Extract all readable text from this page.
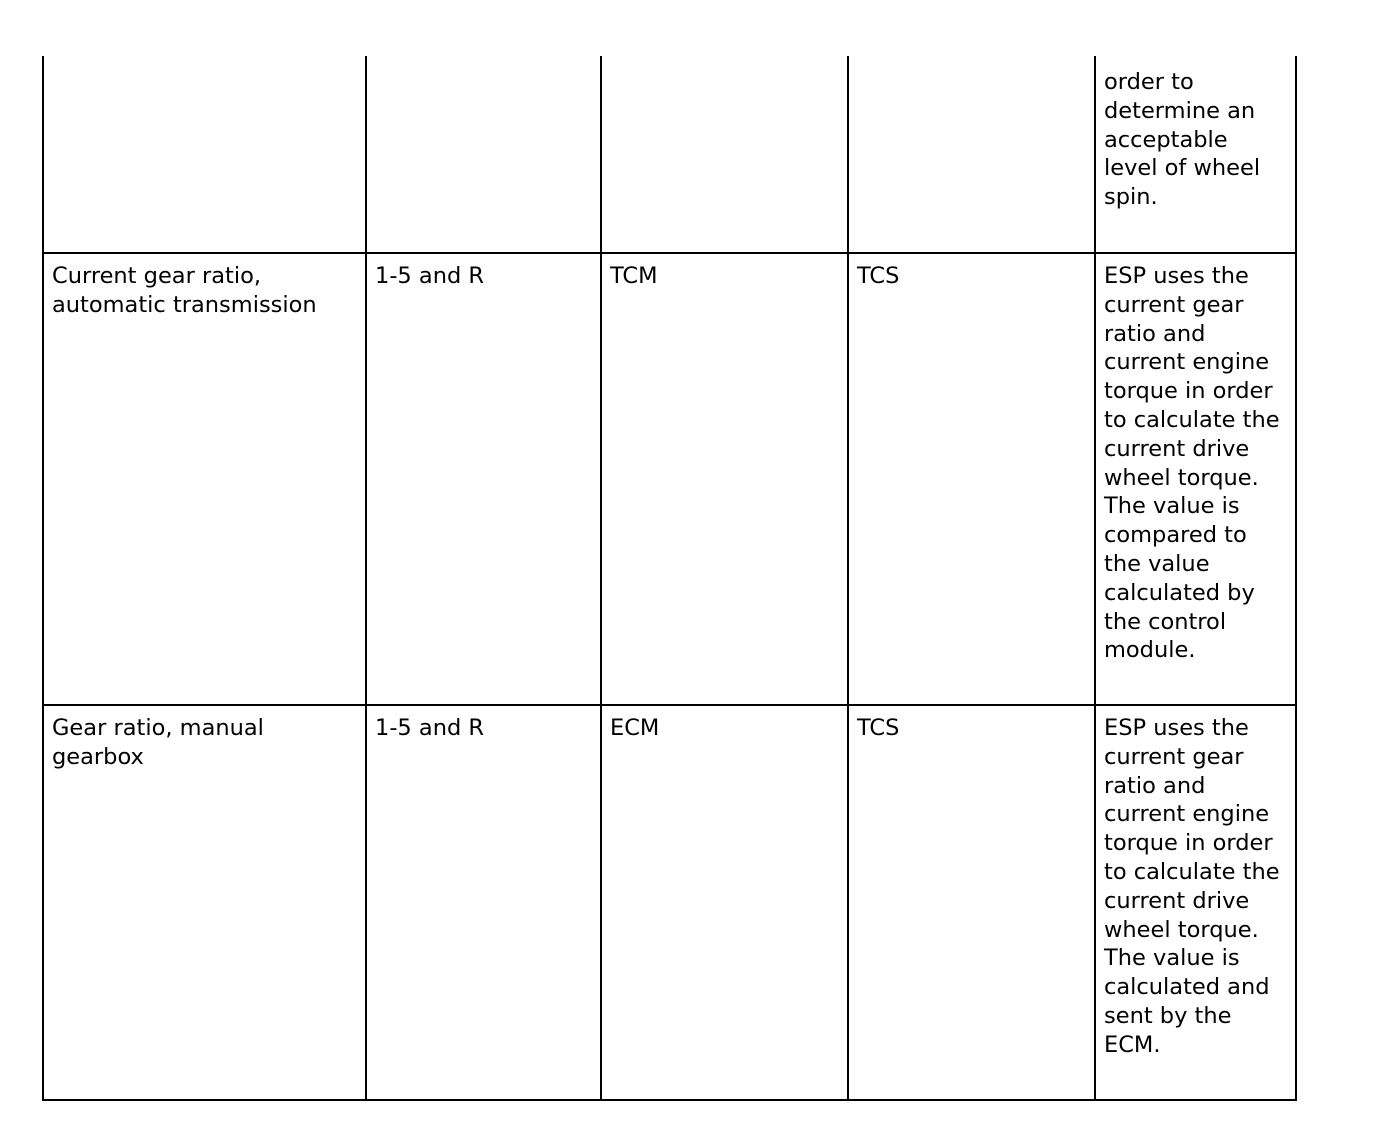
				order to determine an acceptable level of wheel spin.
Current gear ratio, automatic transmission	1-5 and R	TCM	TCS	ESP uses the current gear ratio and current engine torque in order to calculate the current drive wheel torque. The value is compared to the value calculated by the control module.
Gear ratio, manual gearbox	1-5 and R	ECM	TCS	ESP uses the current gear ratio and current engine torque in order to calculate the current drive wheel torque. The value is calculated and sent by the ECM.
